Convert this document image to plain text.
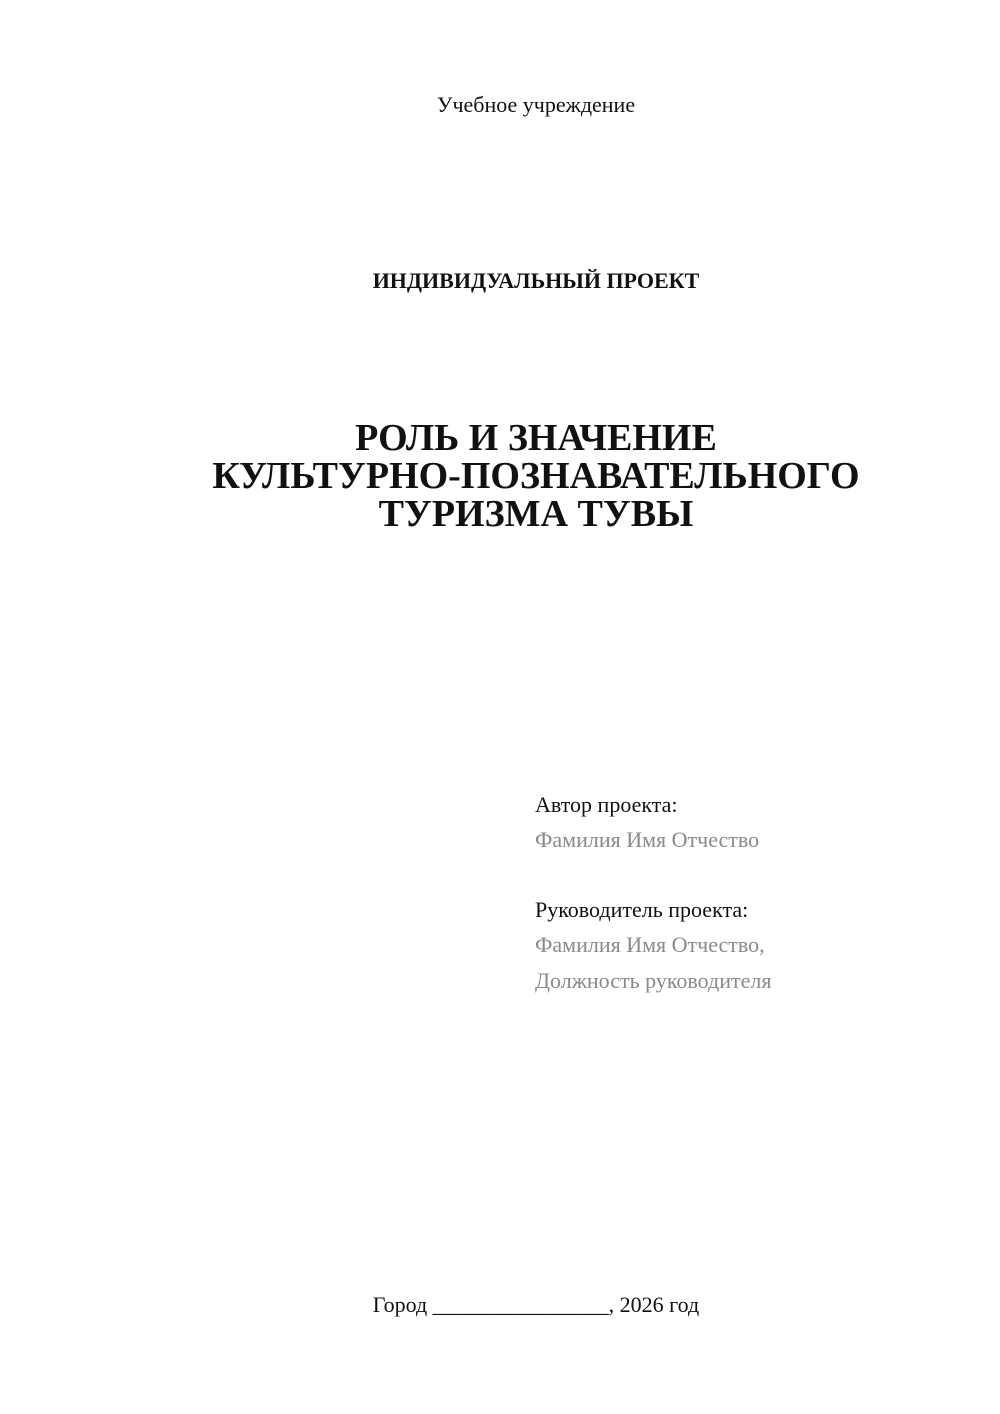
Учебное учреждение
ИНДИВИДУАЛЬНЫЙ ПРОЕКТ
РОЛЬ И ЗНАЧЕНИЕ
КУЛЬТУРНО-ПОЗНАВАТЕЛЬНОГО
ТУРИЗМА ТУВЫ
Автор проекта:
Фамилия Имя Отчество
Руководитель проекта:
Фамилия Имя Отчество,
Должность руководителя
Город ________________, 2026 год
